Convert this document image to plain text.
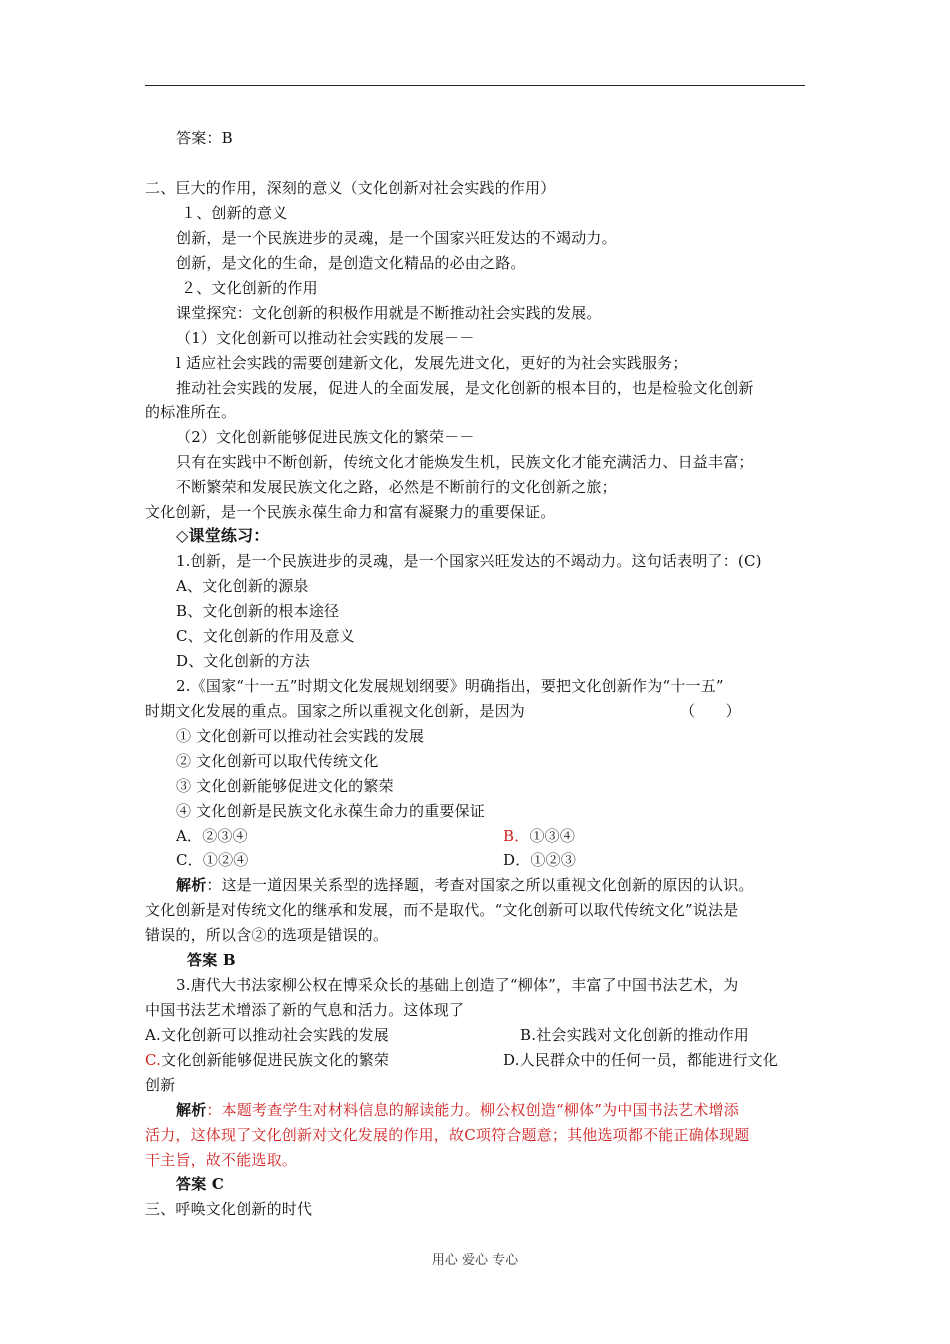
答案：B
二、巨大的作用，深刻的意义（文化创新对社会实践的作用）
１、创新的意义
创新，是一个民族进步的灵魂，是一个国家兴旺发达的不竭动力。
创新，是文化的生命，是创造文化精品的必由之路。
２、文化创新的作用
课堂探究：文化创新的积极作用就是不断推动社会实践的发展。
（1）文化创新可以推动社会实践的发展－－
l 适应社会实践的需要创建新文化，发展先进文化，更好的为社会实践服务；
推动社会实践的发展，促进人的全面发展，是文化创新的根本目的，也是检验文化创新
的标准所在。
（2）文化创新能够促进民族文化的繁荣－－
只有在实践中不断创新，传统文化才能焕发生机，民族文化才能充满活力、日益丰富；
不断繁荣和发展民族文化之路，必然是不断前行的文化创新之旅；
文化创新，是一个民族永葆生命力和富有凝聚力的重要保证。
◇课堂练习：
1.创新，是一个民族进步的灵魂，是一个国家兴旺发达的不竭动力。这句话表明了：(C)
A、文化创新的源泉
B、文化创新的根本途径
C、文化创新的作用及意义
D、文化创新的方法
2.《国家“十一五”时期文化发展规划纲要》明确指出，要把文化创新作为“十一五”
时期文化发展的重点。国家之所以重视文化创新，是因为	（　　）
① 文化创新可以推动社会实践的发展
② 文化创新可以取代传统文化
③ 文化创新能够促进文化的繁荣
④ 文化创新是民族文化永葆生命力的重要保证
A．②③④	B．①③④
C．①②④	D．①②③
解析：这是一道因果关系型的选择题，考查对国家之所以重视文化创新的原因的认识。
文化创新是对传统文化的继承和发展，而不是取代。“文化创新可以取代传统文化”说法是
错误的，所以含②的选项是错误的。
答案 B
3.唐代大书法家柳公权在博采众长的基础上创造了“柳体”，丰富了中国书法艺术，为
中国书法艺术增添了新的气息和活力。这体现了
A.文化创新可以推动社会实践的发展	B.社会实践对文化创新的推动作用
C.文化创新能够促进民族文化的繁荣	D.人民群众中的任何一员，都能进行文化
创新
解析：本题考查学生对材料信息的解读能力。柳公权创造“柳体”为中国书法艺术增添
活力，这体现了文化创新对文化发展的作用，故C项符合题意；其他选项都不能正确体现题
干主旨，故不能选取。
答案 C
三、呼唤文化创新的时代
用心 爱心 专心
